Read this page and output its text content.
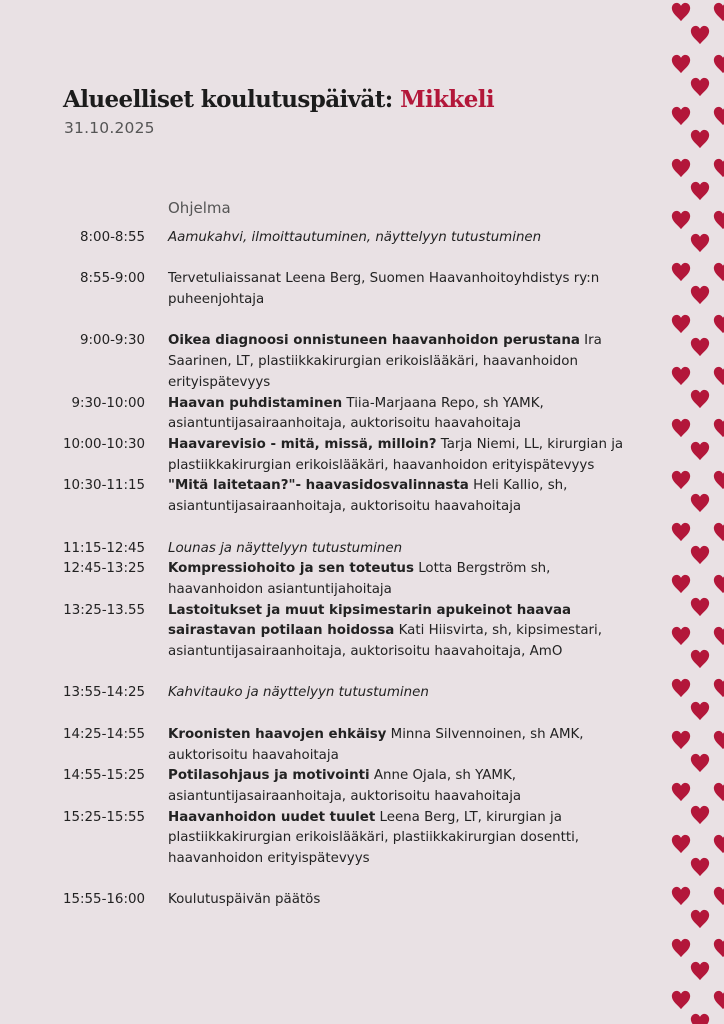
Alueelliset koulutuspäivät: Mikkeli
31.10.2025
Ohjelma
8:00-8:55 Aamukahvi, ilmoittautuminen, näyttelyyn tutustuminen
8:55-9:00 Tervetuliaissanat Leena Berg, Suomen Haavanhoitoyhdistys ry:n puheenjohtaja
9:00-9:30 Oikea diagnoosi onnistuneen haavanhoidon perustana Ira Saarinen, LT, plastiikkakirurgian erikoislääkäri, haavanhoidon erityispätevyys
9:30-10:00 Haavan puhdistaminen Tiia-Marjaana Repo, sh YAMK, asiantuntijasairaanhoitaja, auktorisoitu haavahoitaja
10:00-10:30 Haavarevisio - mitä, missä, milloin? Tarja Niemi, LL, kirurgian ja plastiikkakirurgian erikoislääkäri, haavanhoidon erityispätevyys
10:30-11:15 "Mitä laitetaan?"- haavasidosvalinnasta Heli Kallio, sh, asiantuntijasairaanhoitaja, auktorisoitu haavahoitaja
11:15-12:45 Lounas ja näyttelyyn tutustuminen
12:45-13:25 Kompressiohoito ja sen toteutus Lotta Bergström sh, haavanhoidon asiantuntijahoitaja
13:25-13.55 Lastoitukset ja muut kipsimestarin apukeinot haavaa sairastavan potilaan hoidossa Kati Hiisvirta, sh, kipsimestari, asiantuntijasairaanhoitaja, auktorisoitu haavahoitaja, AmO
13:55-14:25 Kahvitauko ja näyttelyyn tutustuminen
14:25-14:55 Kroonisten haavojen ehkäisy Minna Silvennoinen, sh AMK, auktorisoitu haavahoitaja
14:55-15:25 Potilasohjaus ja motivointi Anne Ojala, sh YAMK, asiantuntijasairaanhoitaja, auktorisoitu haavahoitaja
15:25-15:55 Haavanhoidon uudet tuulet Leena Berg, LT, kirurgian ja plastiikkakirurgian erikoislääkäri, plastiikkakirurgian dosentti, haavanhoidon erityispätevyys
15:55-16:00 Koulutuspäivän päätös
